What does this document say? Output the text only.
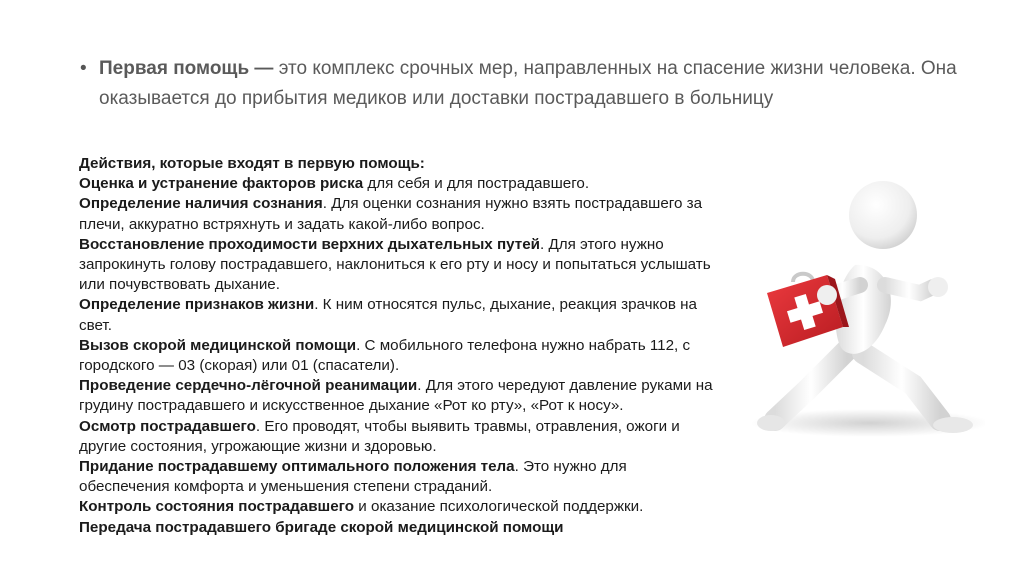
• Первая помощь — это комплекс срочных мер, направленных на спасение жизни человека. Она оказывается до прибытия медиков или доставки пострадавшего в больницу

Действия, которые входят в первую помощь:

Оценка и устранение факторов риска для себя и для пострадавшего.

Определение наличия сознания. Для оценки сознания нужно взять пострадавшего за плечи, аккуратно встряхнуть и задать какой-либо вопрос.

Восстановление проходимости верхних дыхательных путей. Для этого нужно запрокинуть голову пострадавшего, наклониться к его рту и носу и попытаться услышать или почувствовать дыхание.

Определение признаков жизни. К ним относятся пульс, дыхание, реакция зрачков на свет.

Вызов скорой медицинской помощи. С мобильного телефона нужно набрать 112, с городского — 03 (скорая) или 01 (спасатели).

Проведение сердечно-лёгочной реанимации. Для этого чередуют давление руками на грудину пострадавшего и искусственное дыхание «Рот ко рту», «Рот к носу».

Осмотр пострадавшего. Его проводят, чтобы выявить травмы, отравления, ожоги и другие состояния, угрожающие жизни и здоровью.

Придание пострадавшему оптимального положения тела. Это нужно для обеспечения комфорта и уменьшения степени страданий.

Контроль состояния пострадавшего и оказание психологической поддержки.

Передача пострадавшего бригаде скорой медицинской помощи
